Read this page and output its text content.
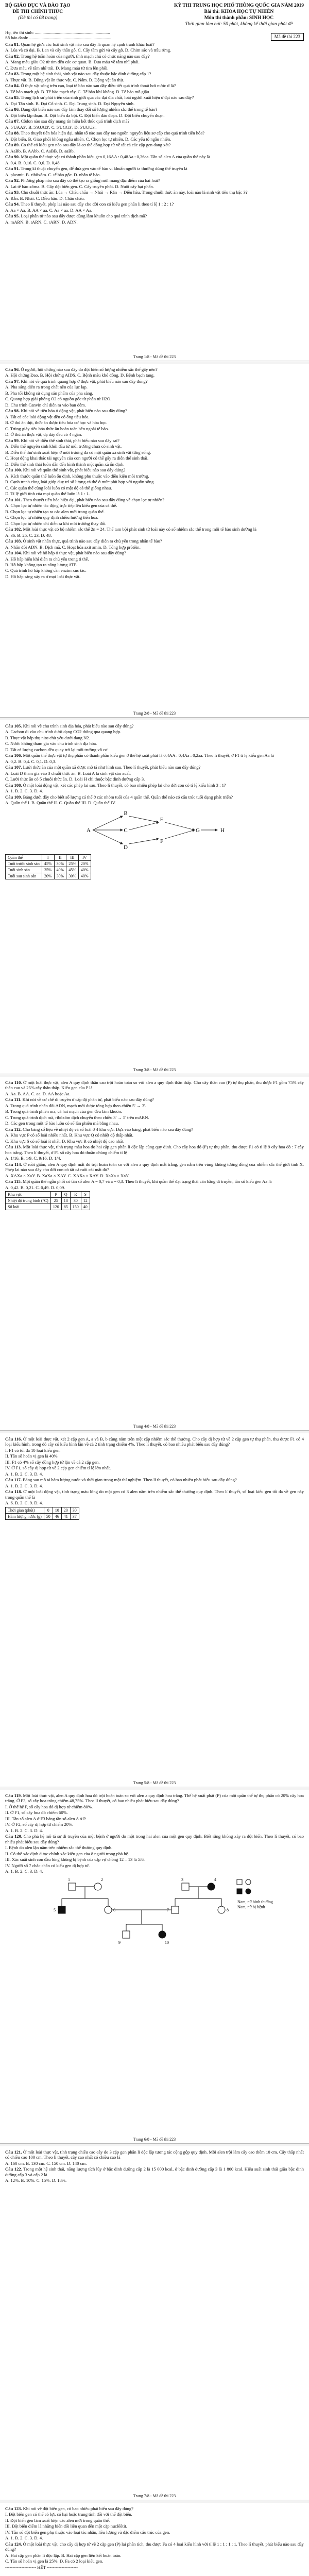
BỘ GIÁO DỤC VÀ ĐÀO TẠO
ĐỀ THI CHÍNH THỨC
(Đề thi có 08 trang)
KỲ THI TRUNG HỌC PHỔ THÔNG QUỐC GIA NĂM 2019
Bài thi: KHOA HỌC TỰ NHIÊN
Môn thi thành phần: SINH HỌC
Thời gian làm bài: 50 phút, không kể thời gian phát đề
Họ, tên thí sinh: ....................................................................
Số báo danh: ..........................................................................	Mã đề thi 223
Câu 81. Quan hệ giữa các loài sinh vật nào sau đây là quan hệ cạnh tranh khác loài?
A. Lúa và cỏ dại. B. Lan và cây thân gỗ. C. Cây tầm gửi và cây gỗ. D. Chim sáo và trâu rừng.
Câu 82. Trong hệ tuần hoàn của người, tĩnh mạch chủ có chức năng nào sau đây?
A. Mang máu giàu O2 từ tim đến các cơ quan. B. Đưa máu về tâm nhĩ phải.
C. Đưa máu về tâm nhĩ trái. D. Mang máu từ tim lên phổi.
Câu 83. Trong một hệ sinh thái, sinh vật nào sau đây thuộc bậc dinh dưỡng cấp 1?
A. Thực vật. B. Động vật ăn thực vật. C. Nấm. D. Động vật ăn thịt.
Câu 84. Ở thực vật sống trên cạn, loại tế bào nào sau đây điều tiết quá trình thoát hơi nước ở lá?
A. Tế bào mạch gỗ. B. Tế bào mạch rây. C. Tế bào khí khổng. D. Tế bào mô giậu.
Câu 85. Trong lịch sử phát triển của sinh giới qua các đại địa chất, loài người xuất hiện ở đại nào sau đây?
A. Đại Tân sinh. B. Đại Cổ sinh. C. Đại Trung sinh. D. Đại Nguyên sinh.
Câu 86. Dạng đột biến nào sau đây làm thay đổi số lượng nhiễm sắc thể trong tế bào?
A. Đột biến lặp đoạn. B. Đột biến đa bội. C. Đột biến đảo đoạn. D. Đột biến chuyển đoạn.
Câu 87. Côđon nào sau đây mang tín hiệu kết thúc quá trình dịch mã?
A. 5'UAA3'. B. 5'AUG3'. C. 5'UGG3'. D. 5'UUU3'.
Câu 88. Theo thuyết tiến hóa hiện đại, nhân tố nào sau đây tạo nguồn nguyên liệu sơ cấp cho quá trình tiến hóa?
A. Đột biến. B. Giao phối không ngẫu nhiên. C. Chọn lọc tự nhiên. D. Các yếu tố ngẫu nhiên.
Câu 89. Cơ thể có kiểu gen nào sau đây là cơ thể đồng hợp tử về tất cả các cặp gen đang xét?
A. AaBb. B. AAbb. C. AaBB. D. aaBb.
Câu 90. Một quần thể thực vật có thành phần kiểu gen 0,16AA : 0,48Aa : 0,36aa. Tần số alen A của quần thể này là
A. 0,4. B. 0,16. C. 0,6. D. 0,48.
Câu 91. Trong kĩ thuật chuyển gen, để đưa gen vào tế bào vi khuẩn người ta thường dùng thể truyền là
A. plasmit. B. ribôxôm. C. tế bào gốc. D. nhân tế bào.
Câu 92. Phương pháp nào sau đây có thể tạo ra giống mới mang đặc điểm của hai loài?
A. Lai tế bào xôma. B. Gây đột biến gen. C. Cấy truyền phôi. D. Nuôi cấy hạt phấn.
Câu 93. Cho chuỗi thức ăn: Lúa → Châu chấu → Nhái → Rắn → Diều hâu. Trong chuỗi thức ăn này, loài nào là sinh vật tiêu thụ bậc 3?
A. Rắn. B. Nhái. C. Diều hâu. D. Châu chấu.
Câu 94. Theo lí thuyết, phép lai nào sau đây cho đời con có kiểu gen phân li theo tỉ lệ 1 : 2 : 1?
A. Aa × Aa. B. AA × aa. C. Aa × aa. D. AA × Aa.
Câu 95. Loại phân tử nào sau đây được dùng làm khuôn cho quá trình dịch mã?
A. mARN. B. tARN. C. rARN. D. ADN.
Trang 1/8 - Mã đề thi 223
Câu 96. Ở người, hội chứng nào sau đây do đột biến số lượng nhiễm sắc thể gây nên?
A. Hội chứng Đao. B. Hội chứng AIDS. C. Bệnh máu khó đông. D. Bệnh bạch tạng.
Câu 97. Khi nói về quá trình quang hợp ở thực vật, phát biểu nào sau đây đúng?
A. Pha sáng diễn ra trong chất nền của lục lạp.
B. Pha tối không sử dụng sản phẩm của pha sáng.
C. Quang hợp giải phóng O2 có nguồn gốc từ phân tử H2O.
D. Chu trình Canvin chỉ diễn ra vào ban đêm.
Câu 98. Khi nói về tiêu hóa ở động vật, phát biểu nào sau đây đúng?
A. Tất cả các loài động vật đều có ống tiêu hóa.
B. Ở thú ăn thịt, thức ăn được tiêu hóa cơ học và hóa học.
C. Trùng giày tiêu hóa thức ăn hoàn toàn bên ngoài tế bào.
D. Ở thú ăn thực vật, dạ dày đều có 4 ngăn.
Câu 99. Khi nói về diễn thế sinh thái, phát biểu nào sau đây sai?
A. Diễn thế nguyên sinh khởi đầu từ môi trường chưa có sinh vật.
B. Diễn thế thứ sinh xuất hiện ở môi trường đã có một quần xã sinh vật từng sống.
C. Hoạt động khai thác tài nguyên của con người có thể gây ra diễn thế sinh thái.
D. Diễn thế sinh thái luôn dẫn đến hình thành một quần xã ổn định.
Câu 100. Khi nói về quần thể sinh vật, phát biểu nào sau đây đúng?
A. Kích thước quần thể luôn ổn định, không phụ thuộc vào điều kiện môi trường.
B. Cạnh tranh cùng loài giúp duy trì số lượng cá thể ở mức phù hợp với nguồn sống.
C. Các quần thể cùng loài luôn có mật độ cá thể giống nhau.
D. Tỉ lệ giới tính của mọi quần thể luôn là 1 : 1.
Câu 101. Theo thuyết tiến hóa hiện đại, phát biểu nào sau đây đúng về chọn lọc tự nhiên?
A. Chọn lọc tự nhiên tác động trực tiếp lên kiểu gen của cá thể.
B. Chọn lọc tự nhiên tạo ra các alen mới trong quần thể.
C. Chọn lọc tự nhiên quy định chiều hướng tiến hóa.
D. Chọn lọc tự nhiên chỉ diễn ra khi môi trường thay đổi.
Câu 102. Một loài thực vật có bộ nhiễm sắc thể 2n = 24. Thể tam bội phát sinh từ loài này có số nhiễm sắc thể trong mỗi tế bào sinh dưỡng là
A. 36. B. 25. C. 23. D. 48.
Câu 103. Ở sinh vật nhân thực, quá trình nào sau đây diễn ra chủ yếu trong nhân tế bào?
A. Nhân đôi ADN. B. Dịch mã. C. Hoạt hóa axit amin. D. Tổng hợp prôtêin.
Câu 104. Khi nói về hô hấp ở thực vật, phát biểu nào sau đây đúng?
A. Hô hấp hiếu khí diễn ra chủ yếu trong ti thể.
B. Hô hấp không tạo ra năng lượng ATP.
C. Quá trình hô hấp không cần enzim xúc tác.
D. Hô hấp sáng xảy ra ở mọi loài thực vật.
Trang 2/8 - Mã đề thi 223
Câu 105. Khi nói về chu trình sinh địa hóa, phát biểu nào sau đây đúng?
A. Cacbon đi vào chu trình dưới dạng CO2 thông qua quang hợp.
B. Thực vật hấp thụ nitơ chủ yếu dưới dạng N2.
C. Nước không tham gia vào chu trình sinh địa hóa.
D. Tất cả lượng cacbon đều quay trở lại môi trường vô cơ.
Câu 106. Một quần thể thực vật tự thụ phấn có thành phần kiểu gen ở thế hệ xuất phát là 0,4AA : 0,4Aa : 0,2aa. Theo lí thuyết, ở F1 tỉ lệ kiểu gen Aa là
A. 0,2. B. 0,4. C. 0,1. D. 0,3.
Câu 107. Lưới thức ăn của một quần xã được mô tả như hình sau. Theo lí thuyết, phát biểu nào sau đây đúng?
A. Loài D tham gia vào 3 chuỗi thức ăn. B. Loài A là sinh vật sản xuất.
C. Lưới thức ăn có 5 chuỗi thức ăn. D. Loài H chỉ thuộc bậc dinh dưỡng cấp 3.
Câu 108. Ở một loài động vật, xét các phép lai sau. Theo lí thuyết, có bao nhiêu phép lai cho đời con có tỉ lệ kiểu hình 3 : 1?
A. 1. B. 2. C. 3. D. 4.
Câu 109. Bảng dưới đây cho biết số lượng cá thể ở các nhóm tuổi của 4 quần thể. Quần thể nào có cấu trúc tuổi dạng phát triển?
A. Quần thể I. B. Quần thể II. C. Quần thể III. D. Quần thể IV.
A
B
C
D
E
F
G	H
Quần thể	I	II	III	IV
Tuổi trước sinh sản	45%	30%	25%	20%
Tuổi sinh sản	35%	40%	45%	40%
Tuổi sau sinh sản	20%	30%	30%	40%
Trang 3/8 - Mã đề thi 223
Câu 110. Ở một loài thực vật, alen A quy định thân cao trội hoàn toàn so với alen a quy định thân thấp. Cho cây thân cao (P) tự thụ phấn, thu được F1 gồm 75% cây thân cao và 25% cây thân thấp. Kiểu gen của P là
A. Aa. B. AA. C. aa. D. AA hoặc Aa.
Câu 111. Khi nói về cơ chế di truyền ở cấp độ phân tử, phát biểu nào sau đây đúng?
A. Trong quá trình nhân đôi ADN, mạch mới được tổng hợp theo chiều 5' → 3'.
B. Trong quá trình phiên mã, cả hai mạch của gen đều làm khuôn.
C. Trong quá trình dịch mã, ribôxôm dịch chuyển theo chiều 3' → 5' trên mARN.
D. Các gen trong một tế bào luôn có số lần phiên mã bằng nhau.
Câu 112. Cho bảng số liệu về nhiệt độ và số loài ở 4 khu vực. Dựa vào bảng, phát biểu nào sau đây đúng?
A. Khu vực P có số loài nhiều nhất. B. Khu vực Q có nhiệt độ thấp nhất.
C. Khu vực S có số loài ít nhất. D. Khu vực R có nhiệt độ cao nhất.
Câu 113. Một loài thực vật, tính trạng màu hoa do hai cặp gen phân li độc lập cùng quy định. Cho cây hoa đỏ (P) tự thụ phấn, thu được F1 có tỉ lệ 9 cây hoa đỏ : 7 cây hoa trắng. Theo lí thuyết, ở F1 số cây hoa đỏ thuần chủng chiếm tỉ lệ
A. 1/16. B. 1/9. C. 9/16. D. 1/4.
Câu 114. Ở ruồi giấm, alen A quy định mắt đỏ trội hoàn toàn so với alen a quy định mắt trắng, gen nằm trên vùng không tương đồng của nhiễm sắc thể giới tính X. Phép lai nào sau đây cho đời con có tất cả ruồi cái mắt đỏ?
A. XAXa × XaY. B. XaXa × XAY. C. XAXa × XAY. D. XaXa × XaY.
Câu 115. Một quần thể ngẫu phối có tần số alen A = 0,7 và a = 0,3. Theo lí thuyết, khi quần thể đạt trạng thái cân bằng di truyền, tần số kiểu gen Aa là
A. 0,42. B. 0,21. C. 0,49. D. 0,09.
Khu vực	P	Q	R	S
Nhiệt độ trung bình (°C)	25	18	30	12
Số loài	120	85	150	40
Trang 4/8 - Mã đề thi 223
Câu 116. Ở một loài thực vật, xét 2 cặp gen A, a và B, b cùng nằm trên một cặp nhiễm sắc thể thường. Cho cây dị hợp tử về 2 cặp gen tự thụ phấn, thu được F1 có 4 loại kiểu hình, trong đó cây có kiểu hình lặn về cả 2 tính trạng chiếm 4%. Theo lí thuyết, có bao nhiêu phát biểu sau đây đúng?
I. F1 có tối đa 10 loại kiểu gen.
II. Tần số hoán vị gen là 40%.
III. F1 có 4% số cây đồng hợp tử lặn về cả 2 cặp gen.
IV. Ở F1, số cây dị hợp tử về 2 cặp gen chiếm tỉ lệ lớn nhất.
A. 1. B. 2. C. 3. D. 4.
Câu 117. Bảng sau mô tả hàm lượng nước và thời gian trong một thí nghiệm. Theo lí thuyết, có bao nhiêu phát biểu sau đây đúng?
A. 1. B. 2. C. 3. D. 4.
Câu 118. Ở một loài động vật, tính trạng màu lông do một gen có 3 alen nằm trên nhiễm sắc thể thường quy định. Theo lí thuyết, số loại kiểu gen tối đa về gen này trong quần thể là
A. 6. B. 3. C. 9. D. 4.
Thời gian (phút)	0	10	20	30
Hàm lượng nước (g)	50	46	41	37
Trang 5/8 - Mã đề thi 223
Câu 119. Một loài thực vật, alen A quy định hoa đỏ trội hoàn toàn so với alen a quy định hoa trắng. Thế hệ xuất phát (P) của một quần thể tự thụ phấn có 20% cây hoa trắng. Ở F3, số cây hoa trắng chiếm 48,75%. Theo lí thuyết, có bao nhiêu phát biểu sau đây đúng?
I. Ở thế hệ P, số cây hoa đỏ dị hợp tử chiếm 80%.
II. Ở F1, số cây hoa đỏ chiếm 60%.
III. Tần số alen A ở F3 bằng tần số alen A ở P.
IV. Ở F2, số cây dị hợp tử chiếm 20%.
A. 1. B. 2. C. 3. D. 4.
Câu 120. Cho phả hệ mô tả sự di truyền của một bệnh ở người do một trong hai alen của một gen quy định. Biết rằng không xảy ra đột biến. Theo lí thuyết, có bao nhiêu phát biểu sau đây đúng?
I. Bệnh do alen lặn nằm trên nhiễm sắc thể thường quy định.
II. Có thể xác định được chính xác kiểu gen của 8 người trong phả hệ.
III. Xác suất sinh con đầu lòng không bị bệnh của cặp vợ chồng 12 – 13 là 5/6.
IV. Người số 7 chắc chắn có kiểu gen dị hợp tử.
A. 1. B. 2. C. 3. D. 4.
1	2	3	4
5	6	7	8
9	10
Nam, nữ bình thường
Nam, nữ bị bệnh
Trang 6/8 - Mã đề thi 223
Câu 121. Ở một loài thực vật, tính trạng chiều cao cây do 3 cặp gen phân li độc lập tương tác cộng gộp quy định. Mỗi alen trội làm cây cao thêm 10 cm. Cây thấp nhất có chiều cao 100 cm. Theo lí thuyết, cây cao nhất có chiều cao là
A. 160 cm. B. 130 cm. C. 150 cm. D. 140 cm.
Câu 122. Trong một hệ sinh thái, năng lượng tích lũy ở bậc dinh dưỡng cấp 2 là 15 000 kcal, ở bậc dinh dưỡng cấp 3 là 1 800 kcal. Hiệu suất sinh thái giữa bậc dinh dưỡng cấp 3 và cấp 2 là
A. 12%. B. 10%. C. 15%. D. 18%.
Trang 7/8 - Mã đề thi 223
Câu 123. Khi nói về đột biến gen, có bao nhiêu phát biểu sau đây đúng?
I. Đột biến gen có thể có lợi, có hại hoặc trung tính đối với thể đột biến.
II. Đột biến gen làm xuất hiện các alen mới trong quần thể.
III. Đột biến điểm là những biến đổi liên quan đến một cặp nuclêôtit.
IV. Tần số đột biến gen phụ thuộc vào loại tác nhân, liều lượng và đặc điểm cấu trúc của gen.
A. 1. B. 2. C. 3. D. 4.
Câu 124. Ở một loài thực vật, cho cây dị hợp tử về 2 cặp gen (P) lai phân tích, thu được Fa có 4 loại kiểu hình với tỉ lệ 1 : 1 : 1 : 1. Theo lí thuyết, phát biểu nào sau đây đúng?
A. Hai cặp gen phân li độc lập. B. Hai cặp gen liên kết hoàn toàn.
C. Tần số hoán vị gen là 25%. D. Fa có 2 loại kiểu gen.
--------------------- HẾT ---------------------
